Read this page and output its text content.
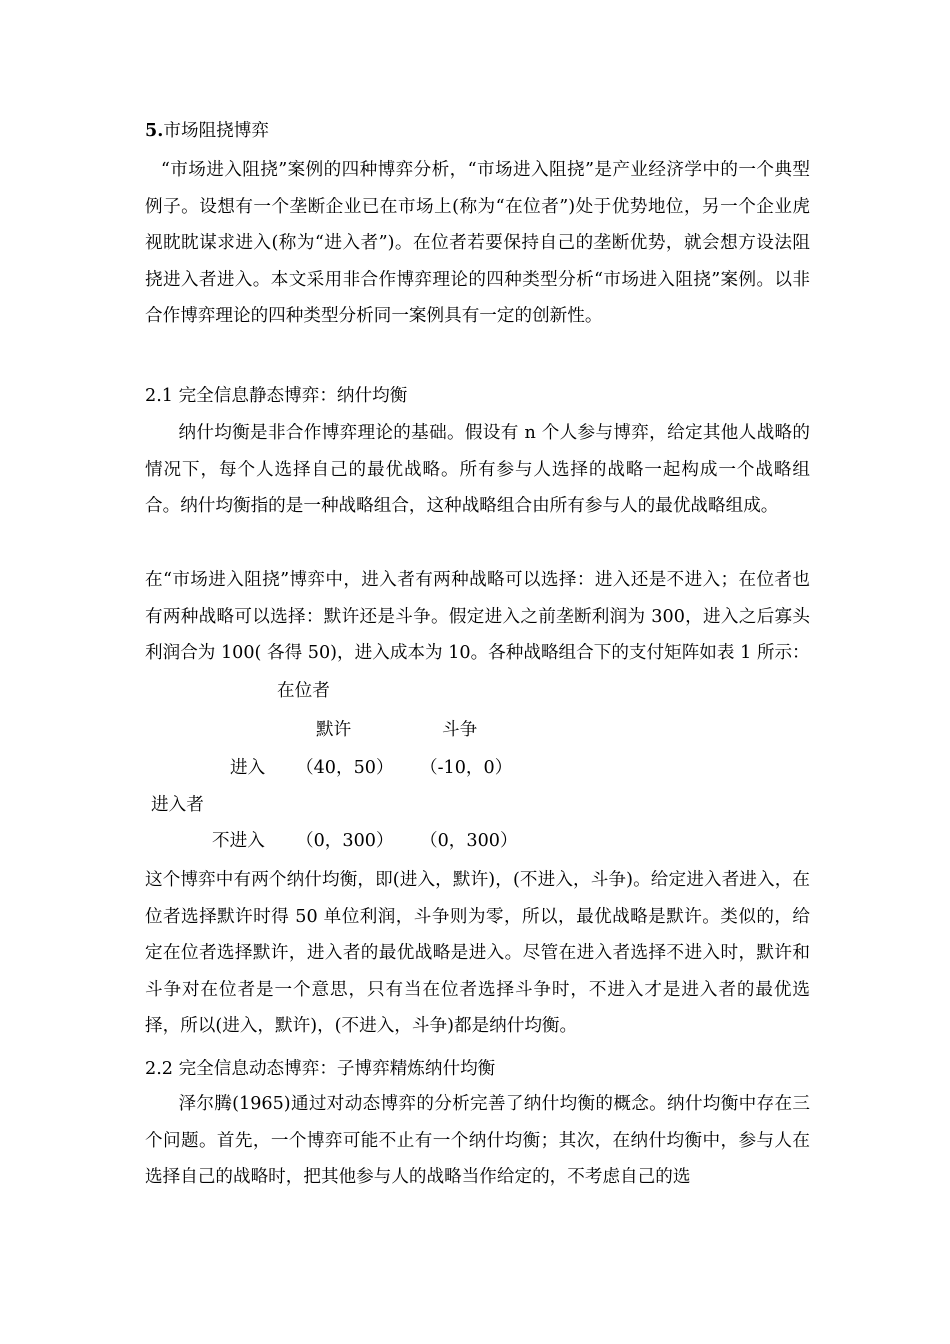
5.市场阻挠博弈

“市场进入阻挠”案例的四种博弈分析，“市场进入阻挠”是产业经济学中的一个典型例子。设想有一个垄断企业已在市场上(称为“在位者”)处于优势地位，另一个企业虎视眈眈谋求进入(称为“进入者”)。在位者若要保持自己的垄断优势，就会想方设法阻挠进入者进入。本文采用非合作博弈理论的四种类型分析“市场进入阻挠”案例。以非合作博弈理论的四种类型分析同一案例具有一定的创新性。

2.1 完全信息静态博弈：纳什均衡

纳什均衡是非合作博弈理论的基础。假设有 n 个人参与博弈，给定其他人战略的情况下，每个人选择自己的最优战略。所有参与人选择的战略一起构成一个战略组合。纳什均衡指的是一种战略组合，这种战略组合由所有参与人的最优战略组成。

在“市场进入阻挠”博弈中，进入者有两种战略可以选择：进入还是不进入；在位者也有两种战略可以选择：默许还是斗争。假定进入之前垄断利润为 300，进入之后寡头利润合为 100( 各得 50)，进入成本为 10。各种战略组合下的支付矩阵如表 1 所示：

在位者
默许	斗争
进入 （40，50） （-10，0）
进入者
不进入 （0，300） （0，300）

这个博弈中有两个纳什均衡，即(进入，默许)，(不进入，斗争)。给定进入者进入，在位者选择默许时得 50 单位利润，斗争则为零，所以，最优战略是默许。类似的，给定在位者选择默许，进入者的最优战略是进入。尽管在进入者选择不进入时，默许和斗争对在位者是一个意思，只有当在位者选择斗争时，不进入才是进入者的最优选择，所以(进入，默许)，(不进入，斗争)都是纳什均衡。

2.2 完全信息动态博弈：子博弈精炼纳什均衡

泽尔腾(1965)通过对动态博弈的分析完善了纳什均衡的概念。纳什均衡中存在三个问题。首先，一个博弈可能不止有一个纳什均衡；其次，在纳什均衡中，参与人在选择自己的战略时，把其他参与人的战略当作给定的，不考虑自己的选
